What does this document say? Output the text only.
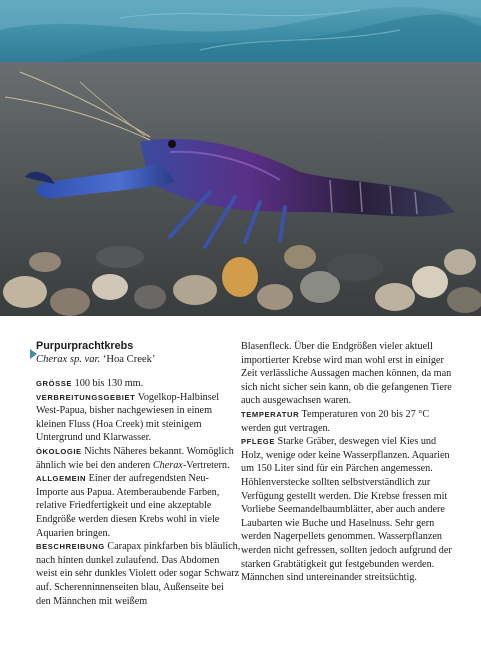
Purpurprachtkrebs
Cherax sp. var. ‘Hoa Creek’

GRÖSSE 100 bis 130 mm.

VERBREITUNGSGEBIET Vogelkop-Halbinsel West-Papua, bisher nachgewiesen in einem kleinen Fluss (Hoa Creek) mit steinigem Untergrund und Klarwasser.

ÖKOLOGIE Nichts Näheres bekannt. Womöglich ähnlich wie bei den anderen Cherax-Vertretern.

ALLGEMEIN Einer der aufregendsten Neu-Importe aus Papua. Atemberaubende Farben, relative Friedfertigkeit und eine akzeptable Endgröße werden diesen Krebs wohl in viele Aquarien bringen.

BESCHREIBUNG Carapax pinkfarben bis bläulich, nach hinten dunkel zulaufend. Das Abdomen weist ein sehr dunkles Violett oder sogar Schwarz auf. Scherenninnenseiten blau, Außenseite bei den Männchen mit weißem

Blasenfleck. Über die Endgrößen vieler aktuell importierter Krebse wird man wohl erst in einiger Zeit verlässliche Aussagen machen können, da man sich nicht sicher sein kann, ob die gefangenen Tiere auch ausgewachsen waren.

TEMPERATUR Temperaturen von 20 bis 27 °C werden gut vertragen.

PFLEGE Starke Gräber, deswegen viel Kies und Holz, wenige oder keine Wasserpflanzen. Aquarien um 150 Liter sind für ein Pärchen angemessen. Höhlenverstecke sollten selbstverständlich zur Verfügung gestellt werden. Die Krebse fressen mit Vorliebe Seemandelbaumblätter, aber auch andere Laubarten wie Buche und Haselnuss. Sehr gern werden Nagerpellets genommen. Wasserpflanzen werden nicht gefressen, sollten jedoch aufgrund der starken Grabtätigkeit gut festgebunden werden. Männchen sind untereinander streitsüchtig.
